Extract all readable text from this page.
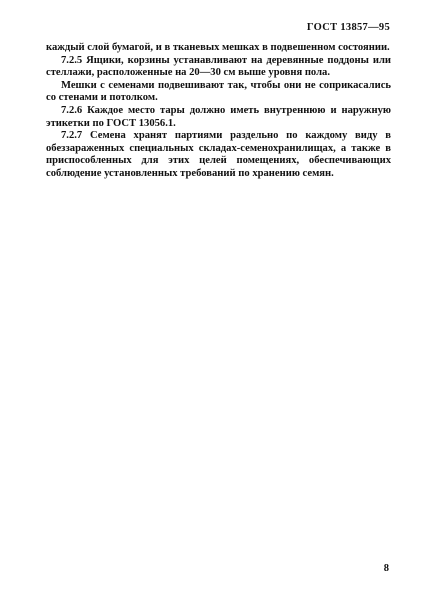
ГОСТ 13857—95

каждый слой бумагой, и в тканевых мешках в подвешенном состоянии.

7.2.5 Ящики, корзины устанавливают на деревянные поддоны или стеллажи, расположенные на 20—30 см выше уровня пола.

Мешки с семенами подвешивают так, чтобы они не соприкасались со стенами и потолком.

7.2.6 Каждое место тары должно иметь внутреннюю и наружную этикетки по ГОСТ 13056.1.

7.2.7 Семена хранят партиями раздельно по каждому виду в обеззараженных специальных складах-семенохранилищах, а также в приспособленных для этих целей помещениях, обеспечивающих соблюдение установленных требований по хранению семян.

8
